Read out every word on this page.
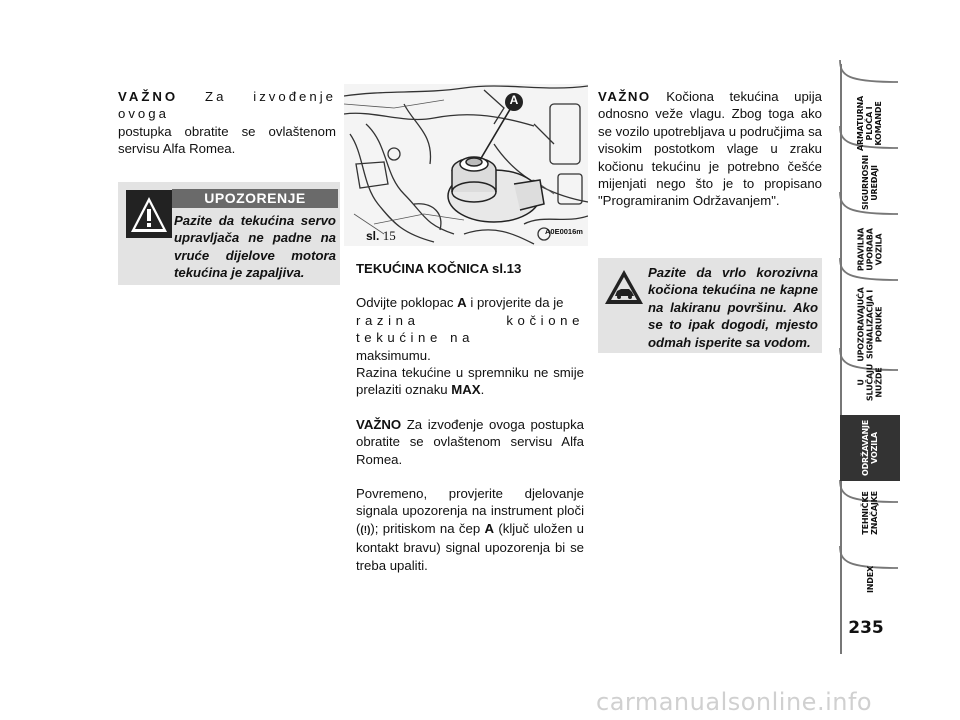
VAŽNO Za izvođenje ovoga
postupka obratite se ovlaštenom servisu Alfa Romea.
UPOZORENJE
Pazite da tekućina servo upravljača ne padne na vruće dijelove motora tekućina je zapaljiva.
A
sl. 15	A0E0016m
TEKUĆINA KOČNICA sl.13
Odvijte poklopac A i provjerite da je
razina kočione tekućine na
maksimumu.
Razina tekućine u spremniku ne smije prelaziti oznaku MAX.
VAŽNO Za izvođenje ovoga postupka obratite se ovlaštenom servisu Alfa Romea.
Povremeno, provjerite djelovanje signala upozorenja na instrument ploči ((!)); pritiskom na čep A (ključ uložen u kontakt bravu) signal upozorenja bi se trebа upaliti.
VAŽNO Kočiona tekućina upija odnosno veže vlagu. Zbog toga ako se vozilo upotrebljava u područjima sa visokim postotkom vlage u zraku kočionu tekućinu je potrebno češće mijenjati nego što je to propisano "Programiranim Održavanjem".
Pazite da vrlo korozivna kočiona tekućina ne kapne na lakiranu površinu. Ako se to ipak dogodi, mjesto odmah isperite sa vodom.
ARMATURNA PLOČA I KOMANDE
SIGURNOSNI UREĐAJI
PRAVILNA UPORABA VOZILA
UPOZORAVAJUĆA SIGNALIZACIJA I PORUKE
U SLUČAJU NUŽDE
ODRŽAVANJE VOZILA
TEHNIČKE ZNAČAJKE
INDEX
235
carmanualsonline.info
